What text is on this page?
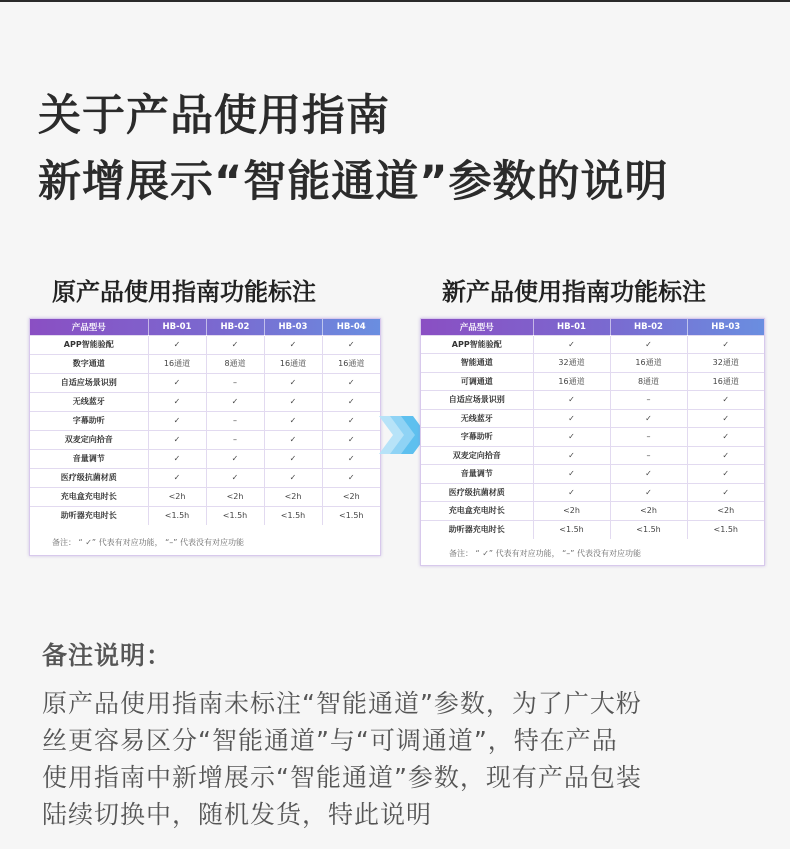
关于产品使用指南
新增展示“智能通道”参数的说明
原产品使用指南功能标注	新产品使用指南功能标注
产品型号	HB-01	HB-02	HB-03	HB-04
APP智能验配	✓	✓	✓	✓
数字通道	16通道	8通道	16通道	16通道
自适应场景识别	✓	–	✓	✓
无线蓝牙	✓	✓	✓	✓
字幕助听	✓	–	✓	✓
双麦定向拾音	✓	–	✓	✓
音量调节	✓	✓	✓	✓
医疗级抗菌材质	✓	✓	✓	✓
充电盒充电时长	<2h	<2h	<2h	<2h
助听器充电时长	<1.5h	<1.5h	<1.5h	<1.5h
备注： “ ✓” 代表有对应功能， “–” 代表没有对应功能
产品型号	HB-01	HB-02	HB-03
APP智能验配	✓	✓	✓
智能通道	32通道	16通道	32通道
可调通道	16通道	8通道	16通道
自适应场景识别	✓	–	✓
无线蓝牙	✓	✓	✓
字幕助听	✓	–	✓
双麦定向拾音	✓	–	✓
音量调节	✓	✓	✓
医疗级抗菌材质	✓	✓	✓
充电盒充电时长	<2h	<2h	<2h
助听器充电时长	<1.5h	<1.5h	<1.5h
备注： “ ✓” 代表有对应功能， “–” 代表没有对应功能
备注说明：
原产品使用指南未标注“智能通道”参数，为了广大粉
丝更容易区分“智能通道”与“可调通道”，特在产品
使用指南中新增展示“智能通道”参数，现有产品包装
陆续切换中，随机发货，特此说明
